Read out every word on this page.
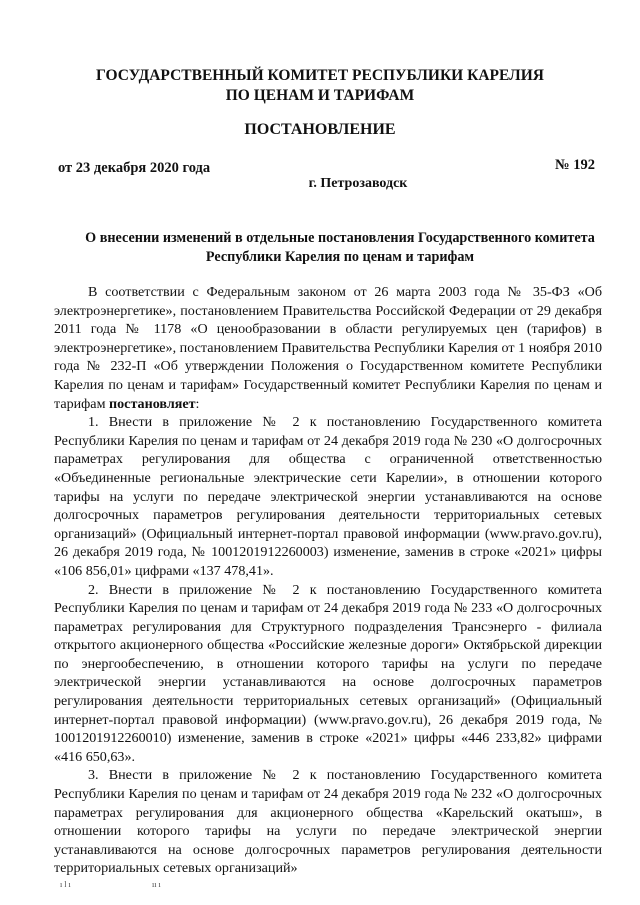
ГОСУДАРСТВЕННЫЙ КОМИТЕТ РЕСПУБЛИКИ КАРЕЛИЯ
ПО ЦЕНАМ И ТАРИФАМ
ПОСТАНОВЛЕНИЕ
от 23 декабря 2020 года	№ 192
г. Петрозаводск
О внесении изменений в отдельные постановления Государственного комитета Республики Карелия по ценам и тарифам

В соответствии с Федеральным законом от 26 марта 2003 года № 35-ФЗ «Об электроэнергетике», постановлением Правительства Российской Федерации от 29 декабря 2011 года № 1178 «О ценообразовании в области регулируемых цен (тарифов) в электроэнергетике», постановлением Правительства Республики Карелия от 1 ноября 2010 года № 232-П «Об утверждении Положения о Государственном комитете Республики Карелия по ценам и тарифам» Государственный комитет Республики Карелия по ценам и тарифам постановляет:

1. Внести в приложение № 2 к постановлению Государственного комитета Республики Карелия по ценам и тарифам от 24 декабря 2019 года № 230 «О долгосрочных параметрах регулирования для общества с ограниченной ответственностью «Объединенные региональные электрические сети Карелии», в отношении которого тарифы на услуги по передаче электрической энергии устанавливаются на основе долгосрочных параметров регулирования деятельности территориальных сетевых организаций» (Официальный интернет-портал правовой информации (www.pravo.gov.ru), 26 декабря 2019 года, № 1001201912260003) изменение, заменив в строке «2021» цифры «106 856,01» цифрами «137 478,41».

2. Внести в приложение № 2 к постановлению Государственного комитета Республики Карелия по ценам и тарифам от 24 декабря 2019 года № 233 «О долгосрочных параметрах регулирования для Структурного подразделения Трансэнерго - филиала открытого акционерного общества «Российские железные дороги» Октябрьской дирекции по энергообеспечению, в отношении которого тарифы на услуги по передаче электрической энергии устанавливаются на основе долгосрочных параметров регулирования деятельности территориальных сетевых организаций» (Официальный интернет-портал правовой информации) (www.pravo.gov.ru), 26 декабря 2019 года, № 1001201912260010) изменение, заменив в строке «2021» цифры «446 233,82» цифрами «416 650,63».

3. Внести в приложение № 2 к постановлению Государственного комитета Республики Карелия по ценам и тарифам от 24 декабря 2019 года № 232 «О долгосрочных параметрах регулирования для акционерного общества «Карельский окатыш», в отношении которого тарифы на услуги по передаче электрической энергии устанавливаются на основе долгосрочных параметров регулирования деятельности территориальных сетевых организаций»

ı l ı	ıı ı
